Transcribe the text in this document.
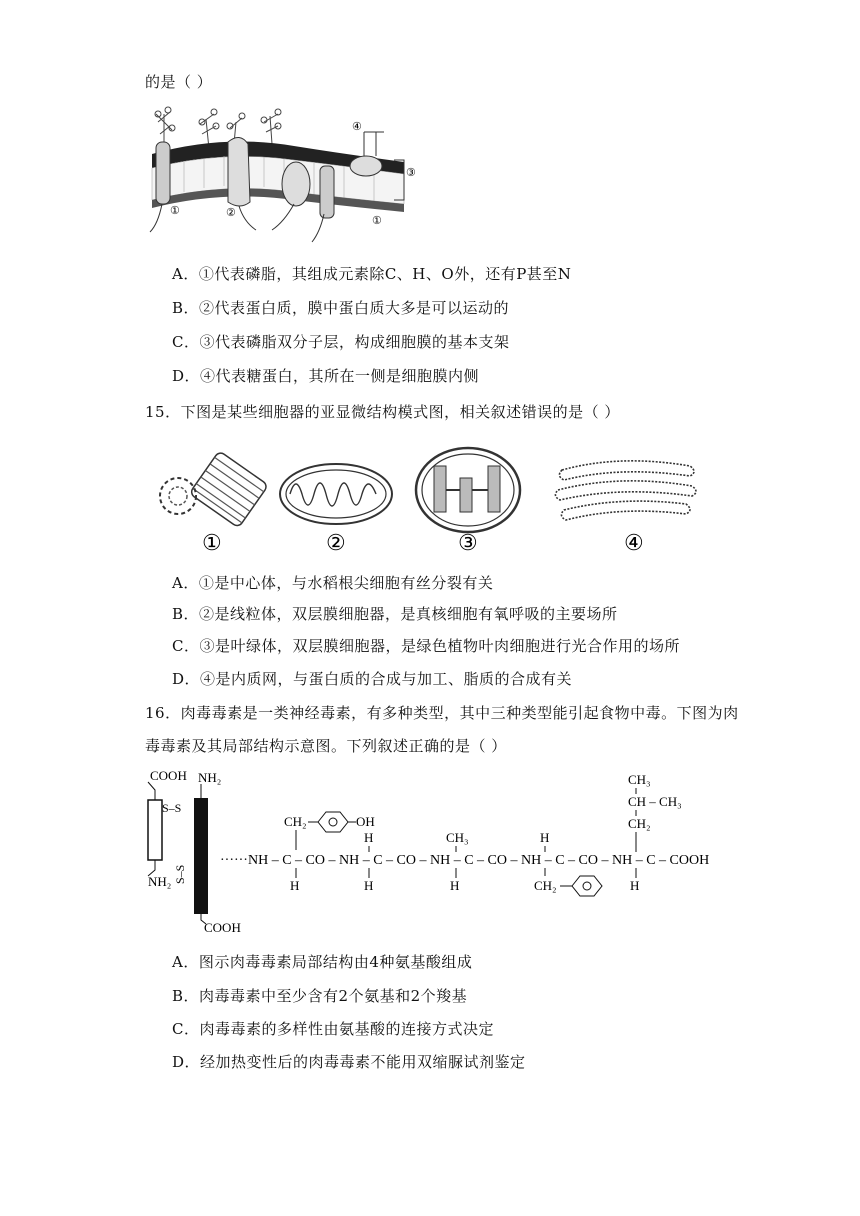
的是（ ）
④
③
①	②
①
A．①代表磷脂，其组成元素除C、H、O外，还有P甚至N
B．②代表蛋白质，膜中蛋白质大多是可以运动的
C．③代表磷脂双分子层，构成细胞膜的基本支架
D．④代表糖蛋白，其所在一侧是细胞膜内侧
15．下图是某些细胞器的亚显微结构模式图，相关叙述错误的是（ ）
①	②	③	④
A．①是中心体，与水稻根尖细胞有丝分裂有关
B．②是线粒体，双层膜细胞器，是真核细胞有氧呼吸的主要场所
C．③是叶绿体，双层膜细胞器，是绿色植物叶肉细胞进行光合作用的场所
D．④是内质网，与蛋白质的合成与加工、脂质的合成有关
16．肉毒毒素是一类神经毒素，有多种类型，其中三种类型能引起食物中毒。下图为肉
毒毒素及其局部结构示意图。下列叙述正确的是（ ）
COOH NH₂
S–S
S–S
NH₂
COOH
······NH – C – CO – NH – C – CO – NH – C – CO – NH – C – CO – NH – C – COOH
CH₂	OH
H
H
H
CH₃
H
H
CH₂
CH₃
CH – CH₃
CH₂
H
A．图示肉毒毒素局部结构由4种氨基酸组成
B．肉毒毒素中至少含有2个氨基和2个羧基
C．肉毒毒素的多样性由氨基酸的连接方式决定
D．经加热变性后的肉毒毒素不能用双缩脲试剂鉴定
